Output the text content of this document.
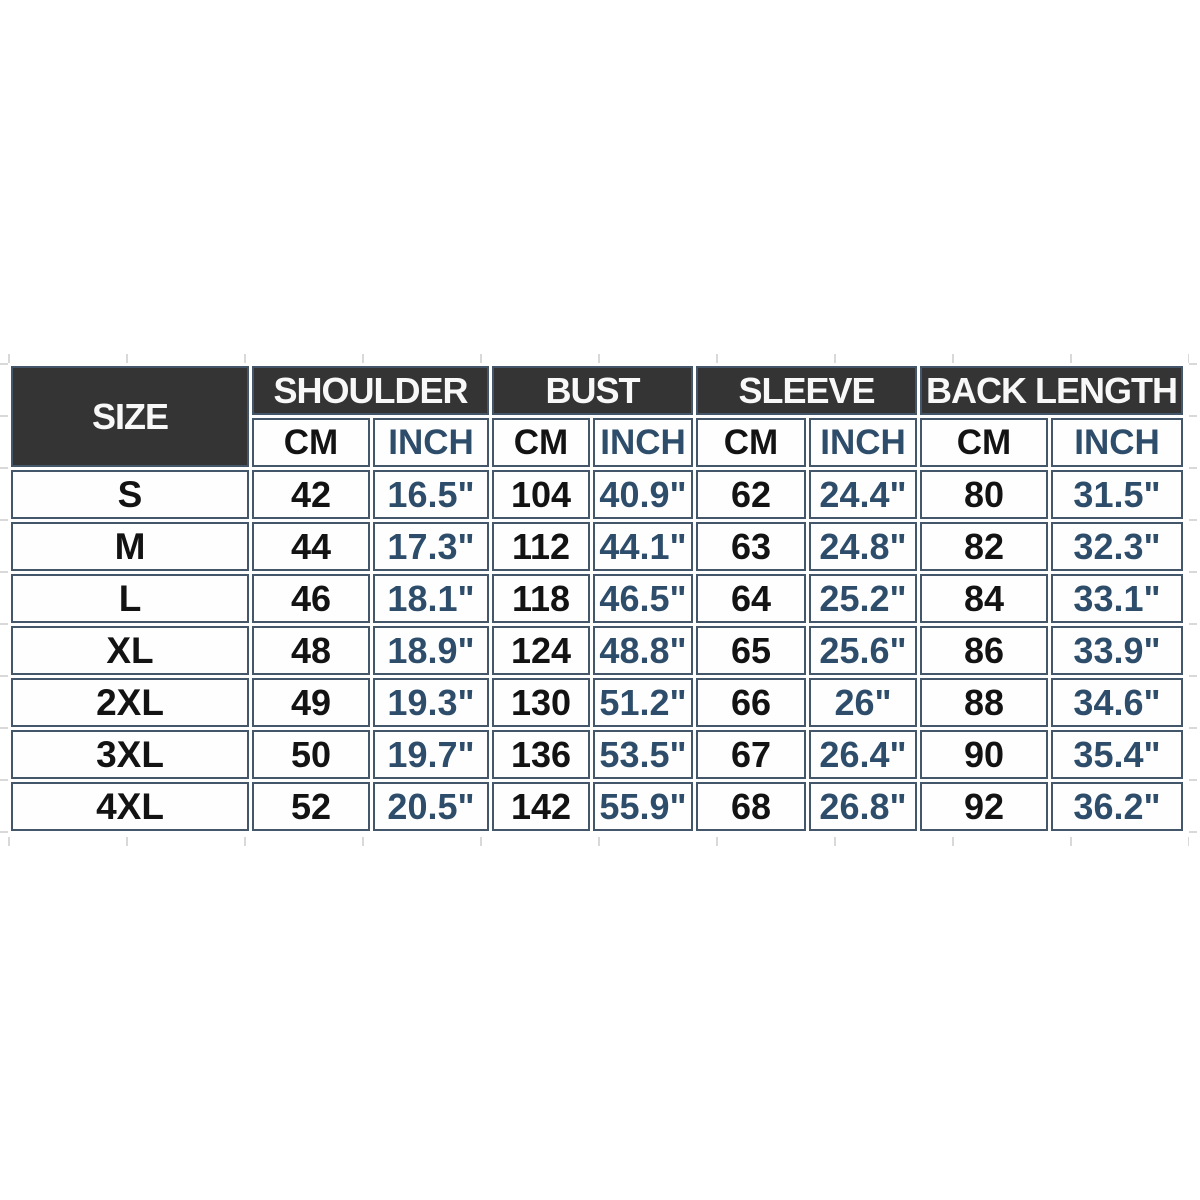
SIZE	SHOULDER		BUST		SLEEVE		BACK LENGTH	
	CM	INCH	CM	INCH	CM	INCH	CM	INCH
S	42	16.5"	104	40.9"	62	24.4"	80	31.5"
M	44	17.3"	112	44.1"	63	24.8"	82	32.3"
L	46	18.1"	118	46.5"	64	25.2"	84	33.1"
XL	48	18.9"	124	48.8"	65	25.6"	86	33.9"
2XL	49	19.3"	130	51.2"	66	26"	88	34.6"
3XL	50	19.7"	136	53.5"	67	26.4"	90	35.4"
4XL	52	20.5"	142	55.9"	68	26.8"	92	36.2"
